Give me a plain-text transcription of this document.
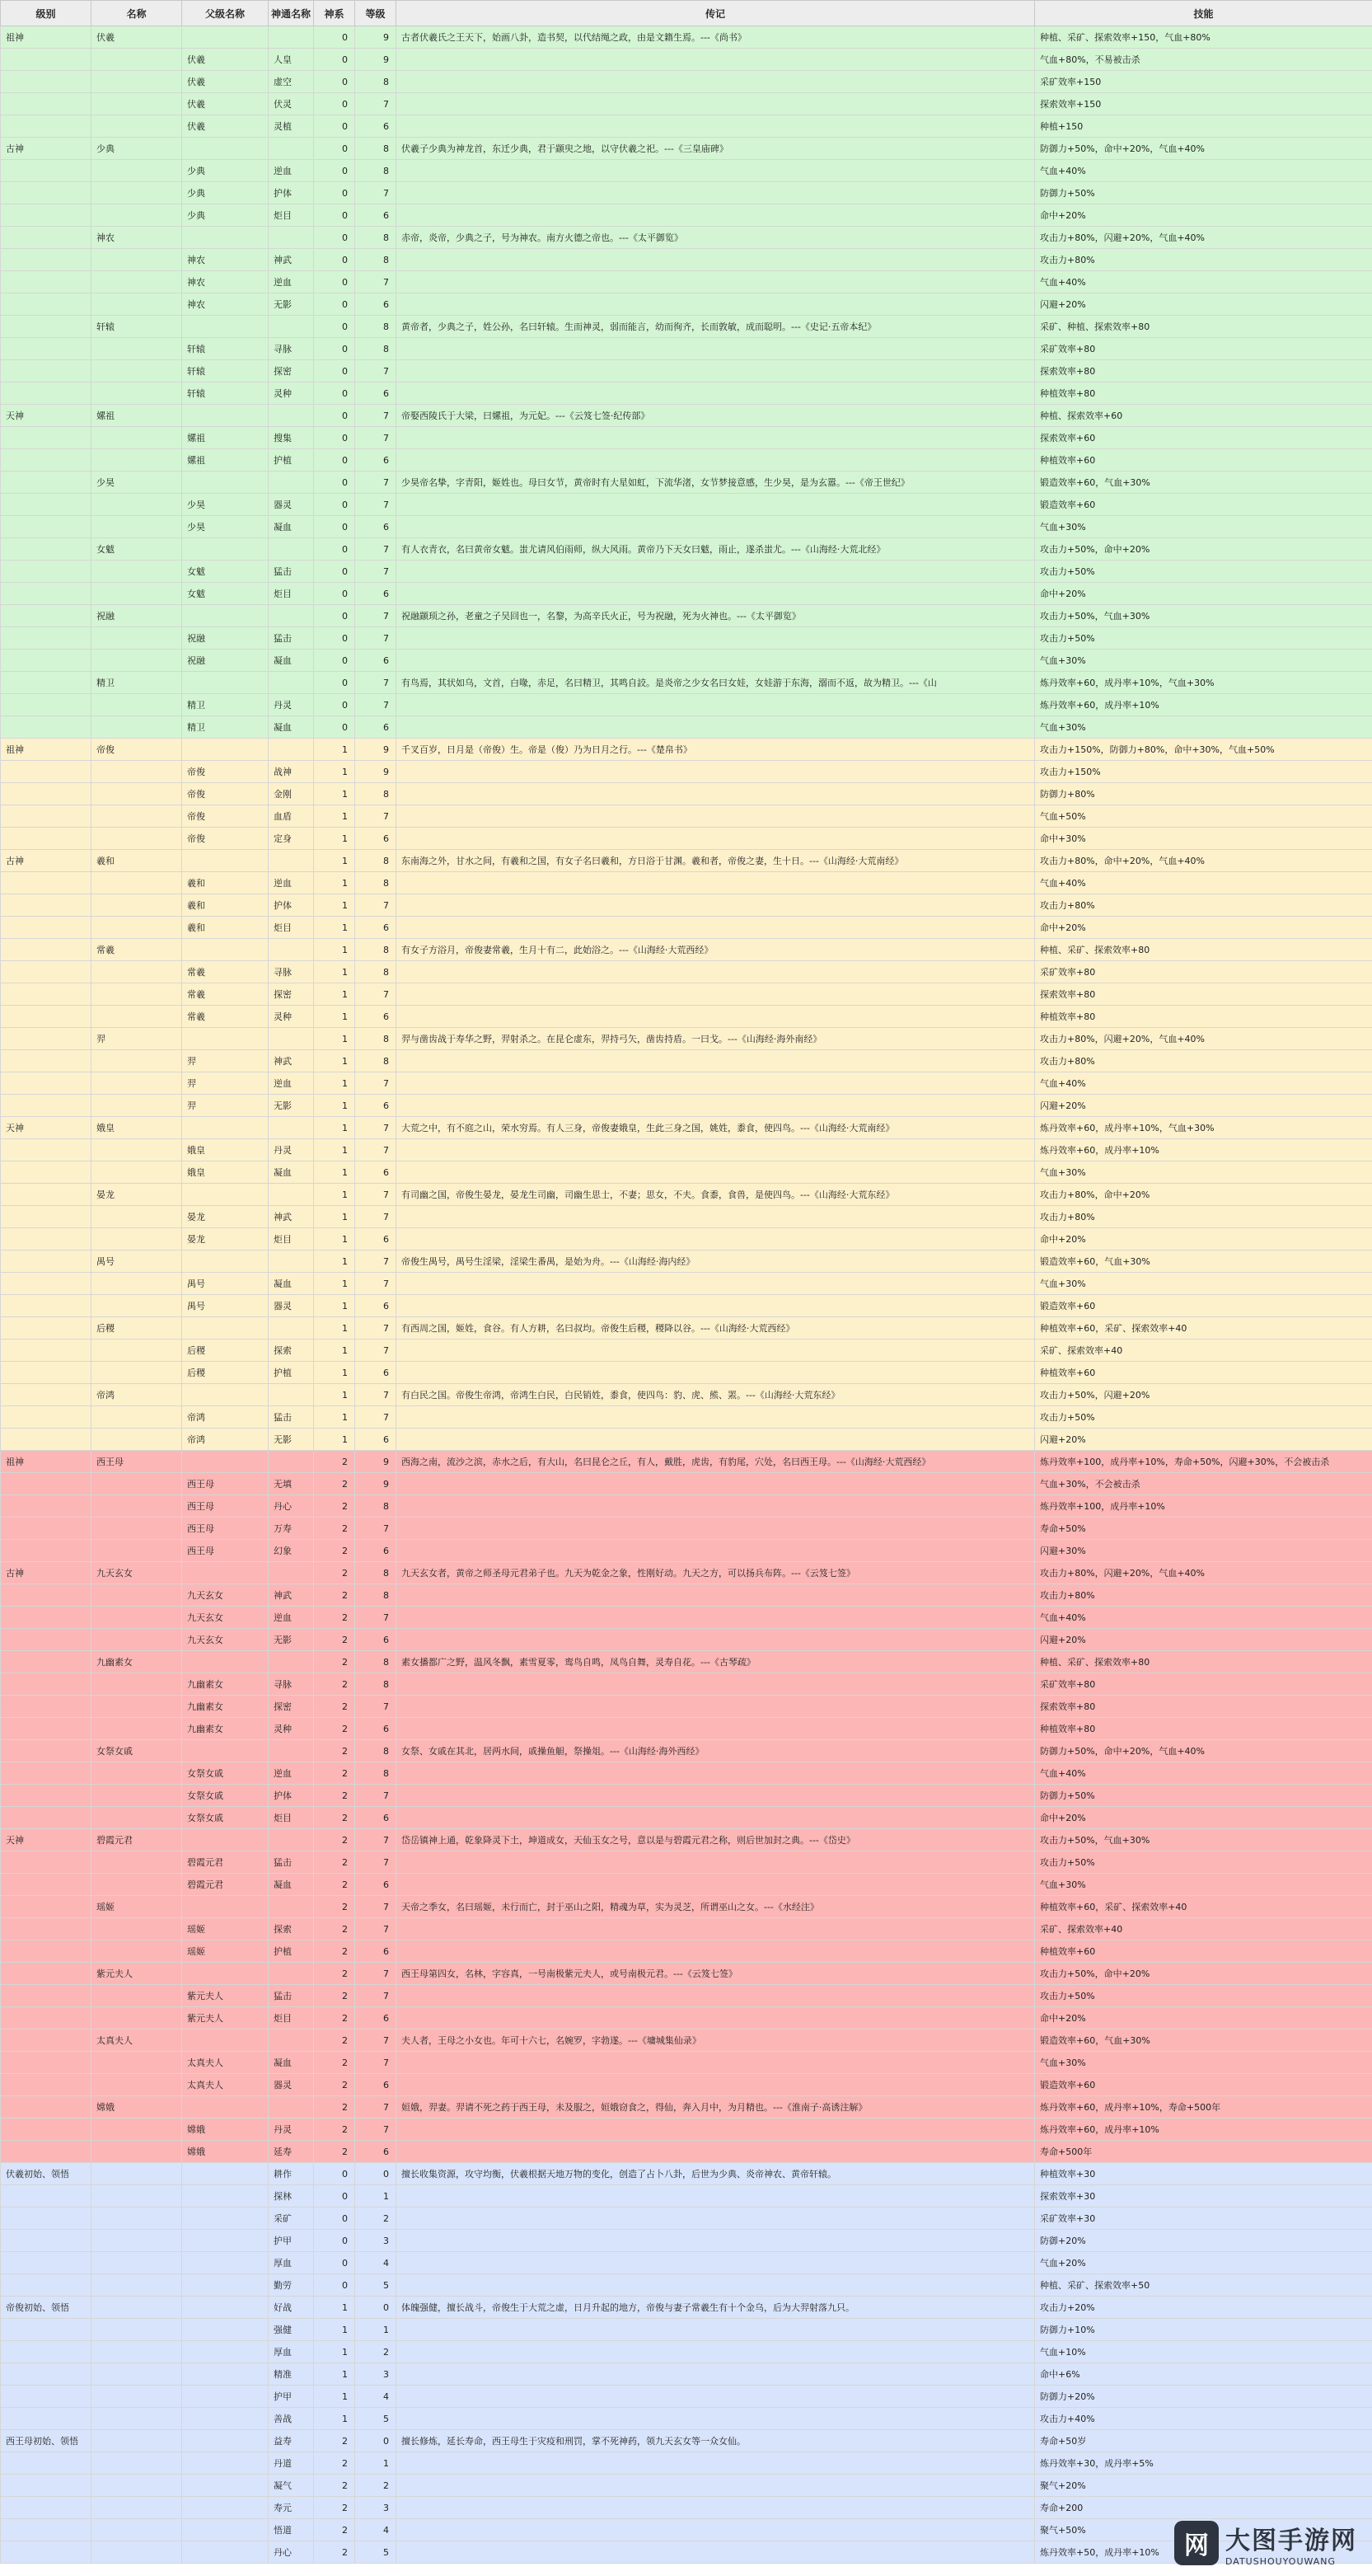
级别	名称	父级名称	神通名称	神系	等级	传记	技能
祖神	伏羲			0	9	古者伏羲氏之王天下，始画八卦，造书契，以代结绳之政，由是文籍生焉。---《尚书》	种植、采矿、探索效率+150，气血+80%
		伏羲	人皇	0	9		气血+80%，不易被击杀
		伏羲	虚空	0	8		采矿效率+150
		伏羲	伏灵	0	7		探索效率+150
		伏羲	灵植	0	6		种植+150
古神	少典			0	8	伏羲子少典为神龙首，东迁少典，君于颛臾之地，以守伏羲之祀。---《三皇庙碑》	防御力+50%，命中+20%，气血+40%
		少典	逆血	0	8		气血+40%
		少典	护体	0	7		防御力+50%
		少典	炬目	0	6		命中+20%
	神农			0	8	赤帝，炎帝，少典之子，号为神农。南方火德之帝也。---《太平御览》	攻击力+80%，闪避+20%，气血+40%
		神农	神武	0	8		攻击力+80%
		神农	逆血	0	7		气血+40%
		神农	无影	0	6		闪避+20%
	轩辕			0	8	黄帝者，少典之子，姓公孙，名曰轩辕。生而神灵，弱而能言，幼而徇齐，长而敦敏，成而聪明。---《史记·五帝本纪》	采矿、种植、探索效率+80
		轩辕	寻脉	0	8		采矿效率+80
		轩辕	探密	0	7		探索效率+80
		轩辕	灵种	0	6		种植效率+80
天神	嫘祖			0	7	帝娶西陵氏于大梁，曰嫘祖，为元妃。---《云笈七签·纪传部》	种植、探索效率+60
		嫘祖	搜集	0	7		探索效率+60
		嫘祖	护植	0	6		种植效率+60
	少昊			0	7	少昊帝名挚，字青阳，姬姓也。母曰女节，黄帝时有大星如虹，下流华渚，女节梦接意感，生少昊，是为玄嚣。---《帝王世纪》	锻造效率+60，气血+30%
		少昊	器灵	0	7		锻造效率+60
		少昊	凝血	0	6		气血+30%
	女魃			0	7	有人衣青衣，名曰黄帝女魃。蚩尤请风伯雨师，纵大风雨。黄帝乃下天女曰魃，雨止，遂杀蚩尤。---《山海经·大荒北经》	攻击力+50%，命中+20%
		女魃	猛击	0	7		攻击力+50%
		女魃	炬目	0	6		命中+20%
	祝融			0	7	祝融颛顼之孙，老童之子吴回也一，名黎，为高辛氏火正，号为祝融，死为火神也。---《太平御览》	攻击力+50%，气血+30%
		祝融	猛击	0	7		攻击力+50%
		祝融	凝血	0	6		气血+30%
	精卫			0	7	有鸟焉，其状如乌，文首，白喙，赤足，名曰精卫，其鸣自詨。是炎帝之少女名曰女娃，女娃游于东海，溺而不返，故为精卫。---《山	炼丹效率+60，成丹率+10%，气血+30%
		精卫	丹灵	0	7		炼丹效率+60，成丹率+10%
		精卫	凝血	0	6		气血+30%
祖神	帝俊			1	9	千叉百岁，日月是（帝俊）生。帝是（俊）乃为日月之行。---《楚帛书》	攻击力+150%，防御力+80%，命中+30%，气血+50%
		帝俊	战神	1	9		攻击力+150%
		帝俊	金刚	1	8		防御力+80%
		帝俊	血盾	1	7		气血+50%
		帝俊	定身	1	6		命中+30%
古神	羲和			1	8	东南海之外，甘水之间，有羲和之国，有女子名曰羲和，方日浴于甘渊。羲和者，帝俊之妻，生十日。---《山海经·大荒南经》	攻击力+80%，命中+20%，气血+40%
		羲和	逆血	1	8		气血+40%
		羲和	护体	1	7		攻击力+80%
		羲和	炬目	1	6		命中+20%
	常羲			1	8	有女子方浴月，帝俊妻常羲，生月十有二，此始浴之。---《山海经·大荒西经》	种植、采矿、探索效率+80
		常羲	寻脉	1	8		采矿效率+80
		常羲	探密	1	7		探索效率+80
		常羲	灵种	1	6		种植效率+80
	羿			1	8	羿与凿齿战于寿华之野，羿射杀之。在昆仑虚东，羿持弓矢，凿齿持盾。一曰戈。---《山海经·海外南经》	攻击力+80%，闪避+20%，气血+40%
		羿	神武	1	8		攻击力+80%
		羿	逆血	1	7		气血+40%
		羿	无影	1	6		闪避+20%
天神	娥皇			1	7	大荒之中，有不庭之山，荣水穷焉。有人三身，帝俊妻娥皇，生此三身之国，姚姓，黍食，使四鸟。---《山海经·大荒南经》	炼丹效率+60，成丹率+10%，气血+30%
		娥皇	丹灵	1	7		炼丹效率+60，成丹率+10%
		娥皇	凝血	1	6		气血+30%
	晏龙			1	7	有司幽之国，帝俊生晏龙，晏龙生司幽，司幽生思士，不妻；思女，不夫。食黍，食兽，是使四鸟。---《山海经·大荒东经》	攻击力+80%，命中+20%
		晏龙	神武	1	7		攻击力+80%
		晏龙	炬目	1	6		命中+20%
	禺号			1	7	帝俊生禺号，禺号生淫梁，淫梁生番禺，是始为舟。---《山海经·海内经》	锻造效率+60，气血+30%
		禺号	凝血	1	7		气血+30%
		禺号	器灵	1	6		锻造效率+60
	后稷			1	7	有西周之国，姬姓，食谷。有人方耕，名曰叔均。帝俊生后稷，稷降以谷。---《山海经·大荒西经》	种植效率+60，采矿、探索效率+40
		后稷	探索	1	7		采矿、探索效率+40
		后稷	护植	1	6		种植效率+60
	帝鸿			1	7	有白民之国。帝俊生帝鸿，帝鸿生白民，白民销姓，黍食，使四鸟：豹、虎、熊、罴。---《山海经·大荒东经》	攻击力+50%，闪避+20%
		帝鸿	猛击	1	7		攻击力+50%
		帝鸿	无影	1	6		闪避+20%
祖神	西王母			2	9	西海之南，流沙之滨，赤水之后，有大山，名曰昆仑之丘，有人，戴胜，虎齿，有豹尾，穴处，名曰西王母。---《山海经·大荒西经》	炼丹效率+100，成丹率+10%，寿命+50%，闪避+30%，不会被击杀
		西王母	无填	2	9		气血+30%，不会被击杀
		西王母	丹心	2	8		炼丹效率+100，成丹率+10%
		西王母	万寿	2	7		寿命+50%
		西王母	幻象	2	6		闪避+30%
古神	九天玄女			2	8	九天玄女者，黄帝之师圣母元君弟子也。九天为乾金之象，性刚好动。九天之方，可以扬兵布阵。---《云笈七签》	攻击力+80%，闪避+20%，气血+40%
		九天玄女	神武	2	8		攻击力+80%
		九天玄女	逆血	2	7		气血+40%
		九天玄女	无影	2	6		闪避+20%
	九幽素女			2	8	素女播都广之野，温风冬飘，素雪夏零，鸾鸟自鸣，凤鸟自舞，灵寿自花。---《古琴疏》	种植、采矿、探索效率+80
		九幽素女	寻脉	2	8		采矿效率+80
		九幽素女	探密	2	7		探索效率+80
		九幽素女	灵种	2	6		种植效率+80
	女祭女戚			2	8	女祭、女戚在其北，居两水间，戚操鱼觛，祭操俎。---《山海经·海外西经》	防御力+50%，命中+20%，气血+40%
		女祭女戚	逆血	2	8		气血+40%
		女祭女戚	护体	2	7		防御力+50%
		女祭女戚	炬目	2	6		命中+20%
天神	碧霞元君			2	7	岱岳镇神上通，乾象降灵下土，坤道成女，天仙玉女之号，意以是与碧霞元君之称，则后世加封之典。---《岱史》	攻击力+50%，气血+30%
		碧霞元君	猛击	2	7		攻击力+50%
		碧霞元君	凝血	2	6		气血+30%
	瑶姬			2	7	天帝之季女，名曰瑶姬，未行而亡，封于巫山之阳，精魂为草，实为灵芝，所谓巫山之女。---《水经注》	种植效率+60，采矿、探索效率+40
		瑶姬	探索	2	7		采矿、探索效率+40
		瑶姬	护植	2	6		种植效率+60
	紫元夫人			2	7	西王母第四女，名林，字容真，一号南极紫元夫人，或号南极元君。---《云笈七签》	攻击力+50%，命中+20%
		紫元夫人	猛击	2	7		攻击力+50%
		紫元夫人	炬目	2	6		命中+20%
	太真夫人			2	7	夫人者，王母之小女也。年可十六七，名婉罗，字勃遂。---《墉城集仙录》	锻造效率+60，气血+30%
		太真夫人	凝血	2	7		气血+30%
		太真夫人	器灵	2	6		锻造效率+60
	嫦娥			2	7	姮娥，羿妻。羿请不死之药于西王母，未及服之，姮娥窃食之，得仙，奔入月中，为月精也。---《淮南子·高诱注解》	炼丹效率+60，成丹率+10%，寿命+500年
		嫦娥	丹灵	2	7		炼丹效率+60，成丹率+10%
		嫦娥	延寿	2	6		寿命+500年
伏羲初始、领悟			耕作	0	0	擅长收集资源，攻守均衡，伏羲根据天地万物的变化，创造了占卜八卦，后世为少典、炎帝神农、黄帝轩辕。	种植效率+30
			探林	0	1		探索效率+30
			采矿	0	2		采矿效率+30
			护甲	0	3		防御+20%
			厚血	0	4		气血+20%
			勤劳	0	5		种植、采矿、探索效率+50
帝俊初始、领悟			好战	1	0	体魄强健，擅长战斗，帝俊生于大荒之虚，日月升起的地方，帝俊与妻子常羲生有十个金乌，后为大羿射落九只。	攻击力+20%
			强健	1	1		防御力+10%
			厚血	1	2		气血+10%
			精准	1	3		命中+6%
			护甲	1	4		防御力+20%
			善战	1	5		攻击力+40%
西王母初始、领悟			益寿	2	0	擅长修炼，延长寿命，西王母生于灾疫和刑罚，掌不死神药，领九天玄女等一众女仙。	寿命+50岁
			丹道	2	1		炼丹效率+30，成丹率+5%
			凝气	2	2		聚气+20%
			寿元	2	3		寿命+200
			悟道	2	4		聚气+50%
			丹心	2	5		炼丹效率+50，成丹率+10%	网 大图手游网
DATUSHOUYOUWANG
